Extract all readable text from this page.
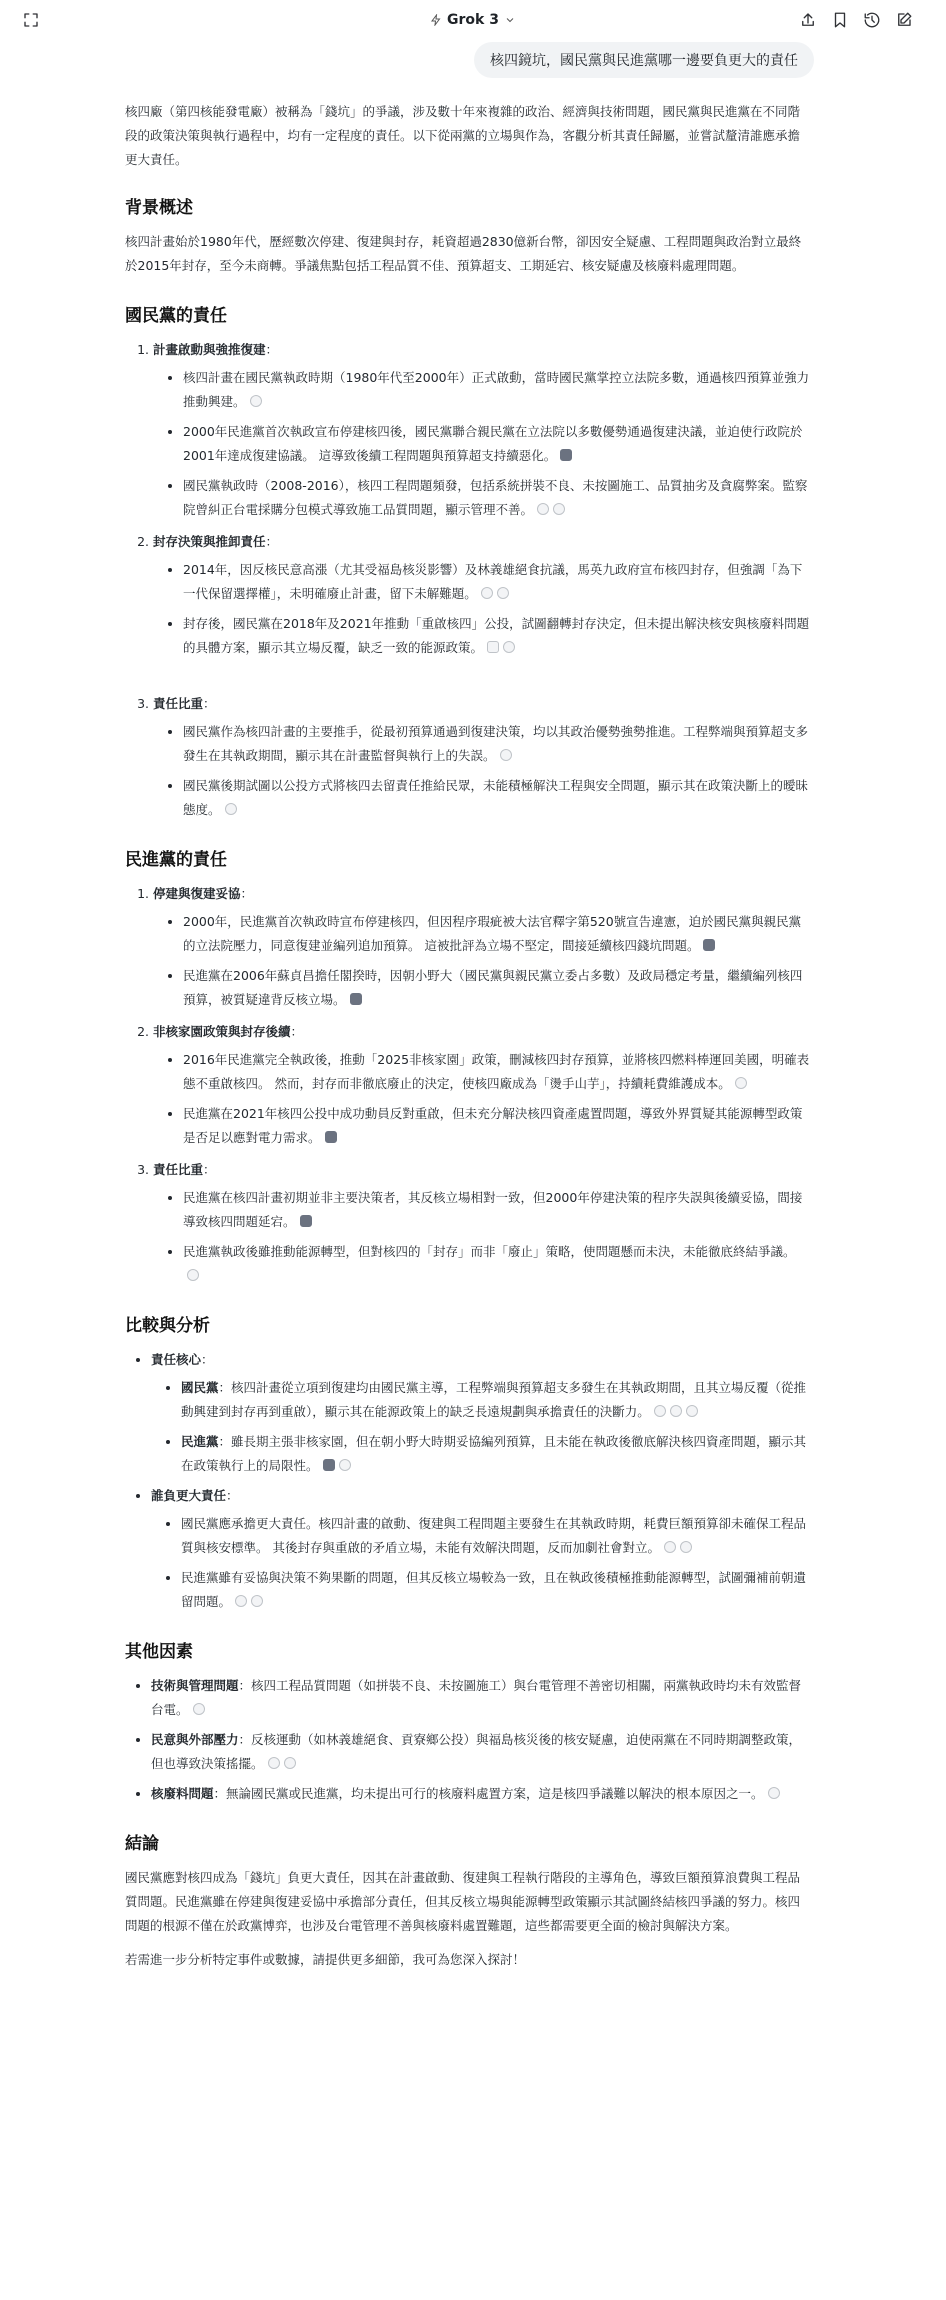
Grok 3
核四鏡坑，國民黨與民進黨哪一邊要負更大的責任

核四廠（第四核能發電廠）被稱為「錢坑」的爭議，涉及數十年來複雜的政治、經濟與技術問題，國民黨與民進黨在不同階段的政策決策與執行過程中，均有一定程度的責任。以下從兩黨的立場與作為，客觀分析其責任歸屬，並嘗試釐清誰應承擔更大責任。

背景概述

核四計畫始於1980年代，歷經數次停建、復建與封存，耗資超過2830億新台幣，卻因安全疑慮、工程問題與政治對立最終於2015年封存，至今未商轉。爭議焦點包括工程品質不佳、預算超支、工期延宕、核安疑慮及核廢料處理問題。

國民黨的責任
1. 計畫啟動與強推復建：
• 核四計畫在國民黨執政時期（1980年代至2000年）正式啟動，當時國民黨掌控立法院多數，通過核四預算並強力推動興建。
• 2000年民進黨首次執政宣布停建核四後，國民黨聯合親民黨在立法院以多數優勢通過復建決議，並迫使行政院於2001年達成復建協議。 這導致後續工程問題與預算超支持續惡化。
• 國民黨執政時（2008-2016），核四工程問題頻發，包括系統拼裝不良、未按圖施工、品質抽劣及貪腐弊案。監察院曾糾正台電採購分包模式導致施工品質問題，顯示管理不善。
2. 封存決策與推卸責任：
• 2014年，因反核民意高漲（尤其受福島核災影響）及林義雄絕食抗議，馬英九政府宣布核四封存，但強調「為下一代保留選擇權」，未明確廢止計畫，留下未解難題。
• 封存後，國民黨在2018年及2021年推動「重啟核四」公投，試圖翻轉封存決定，但未提出解決核安與核廢料問題的具體方案，顯示其立場反覆，缺乏一致的能源政策。
3. 責任比重：
• 國民黨作為核四計畫的主要推手，從最初預算通過到復建決策，均以其政治優勢強勢推進。工程弊端與預算超支多發生在其執政期間，顯示其在計畫監督與執行上的失誤。
• 國民黨後期試圖以公投方式將核四去留責任推給民眾，未能積極解決工程與安全問題，顯示其在政策決斷上的曖昧態度。
民進黨的責任
1. 停建與復建妥協：
• 2000年，民進黨首次執政時宣布停建核四，但因程序瑕疵被大法官釋字第520號宣告違憲，迫於國民黨與親民黨的立法院壓力，同意復建並編列追加預算。 這被批評為立場不堅定，間接延續核四錢坑問題。
• 民進黨在2006年蘇貞昌擔任閣揆時，因朝小野大（國民黨與親民黨立委占多數）及政局穩定考量，繼續編列核四預算，被質疑違背反核立場。
2. 非核家園政策與封存後續：
• 2016年民進黨完全執政後，推動「2025非核家園」政策，刪減核四封存預算，並將核四燃料棒運回美國，明確表態不重啟核四。 然而，封存而非徹底廢止的決定，使核四廠成為「燙手山芋」，持續耗費維護成本。
• 民進黨在2021年核四公投中成功動員反對重啟，但未充分解決核四資產處置問題，導致外界質疑其能源轉型政策是否足以應對電力需求。
3. 責任比重：
• 民進黨在核四計畫初期並非主要決策者，其反核立場相對一致，但2000年停建決策的程序失誤與後續妥協，間接導致核四問題延宕。
• 民進黨執政後雖推動能源轉型，但對核四的「封存」而非「廢止」策略，使問題懸而未決，未能徹底終結爭議。
比較與分析
• 責任核心：
• 國民黨：核四計畫從立項到復建均由國民黨主導，工程弊端與預算超支多發生在其執政期間，且其立場反覆（從推動興建到封存再到重啟），顯示其在能源政策上的缺乏長遠規劃與承擔責任的決斷力。
• 民進黨：雖長期主張非核家園，但在朝小野大時期妥協編列預算，且未能在執政後徹底解決核四資產問題，顯示其在政策執行上的局限性。
• 誰負更大責任：
• 國民黨應承擔更大責任。核四計畫的啟動、復建與工程問題主要發生在其執政時期，耗費巨額預算卻未確保工程品質與核安標準。 其後封存與重啟的矛盾立場，未能有效解決問題，反而加劇社會對立。
• 民進黨雖有妥協與決策不夠果斷的問題，但其反核立場較為一致，且在執政後積極推動能源轉型，試圖彌補前朝遺留問題。
其他因素
• 技術與管理問題：核四工程品質問題（如拼裝不良、未按圖施工）與台電管理不善密切相關，兩黨執政時均未有效監督台電。
• 民意與外部壓力：反核運動（如林義雄絕食、貢寮鄉公投）與福島核災後的核安疑慮，迫使兩黨在不同時期調整政策，但也導致決策搖擺。
• 核廢料問題：無論國民黨或民進黨，均未提出可行的核廢料處置方案，這是核四爭議難以解決的根本原因之一。
結論

國民黨應對核四成為「錢坑」負更大責任，因其在計畫啟動、復建與工程執行階段的主導角色，導致巨額預算浪費與工程品質問題。民進黨雖在停建與復建妥協中承擔部分責任，但其反核立場與能源轉型政策顯示其試圖終結核四爭議的努力。核四問題的根源不僅在於政黨博弈，也涉及台電管理不善與核廢料處置難題，這些都需要更全面的檢討與解決方案。

若需進一步分析特定事件或數據，請提供更多細節，我可為您深入探討！
